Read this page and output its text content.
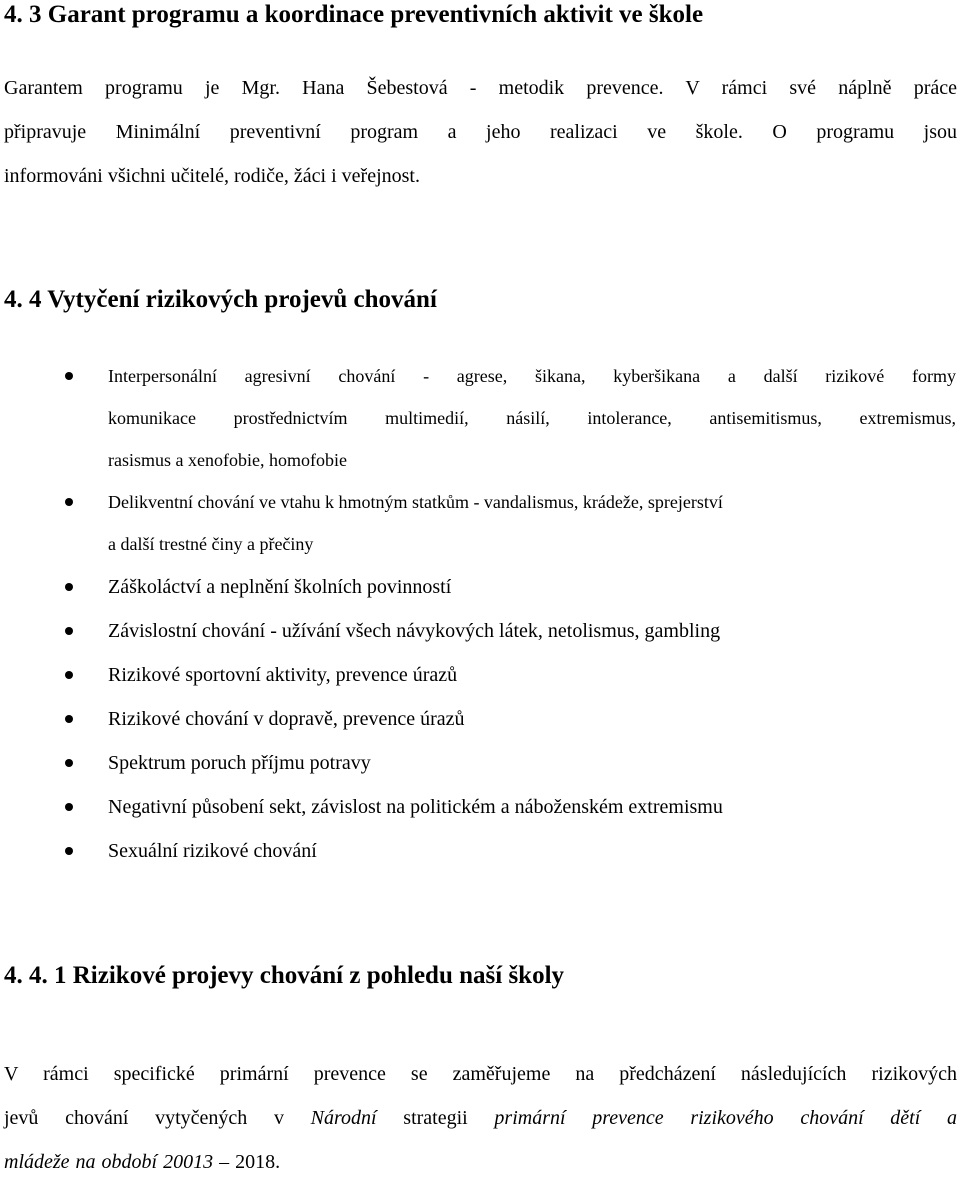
4. 3 Garant programu a koordinace preventivních aktivit ve škole

Garantem programu je Mgr. Hana Šebestová - metodik prevence. V rámci své náplně práce
připravuje Minimální preventivní program a jeho realizaci ve škole. O programu jsou
informováni všichni učitelé, rodiče, žáci i veřejnost.

4. 4 Vytyčení rizikových projevů chování
Interpersonální agresivní chování - agrese, šikana, kyberšikana a další rizikové formy
komunikace prostřednictvím multimedií, násilí, intolerance, antisemitismus, extremismus,
rasismus a xenofobie, homofobie
Delikventní chování ve vtahu k hmotným statkům - vandalismus, krádeže, sprejerství
a další trestné činy a přečiny
Záškoláctví a neplnění školních povinností
Závislostní chování - užívání všech návykových látek, netolismus, gambling
Rizikové sportovní aktivity, prevence úrazů
Rizikové chování v dopravě, prevence úrazů
Spektrum poruch příjmu potravy
Negativní působení sekt, závislost na politickém a náboženském extremismu
Sexuální rizikové chování
4. 4. 1 Rizikové projevy chování z pohledu naší školy

V rámci specifické primární prevence se zaměřujeme na předcházení následujících rizikových
jevů chování vytyčených v Národní strategii primární prevence rizikového chování dětí a
mládeže na období 20013 – 2018.
